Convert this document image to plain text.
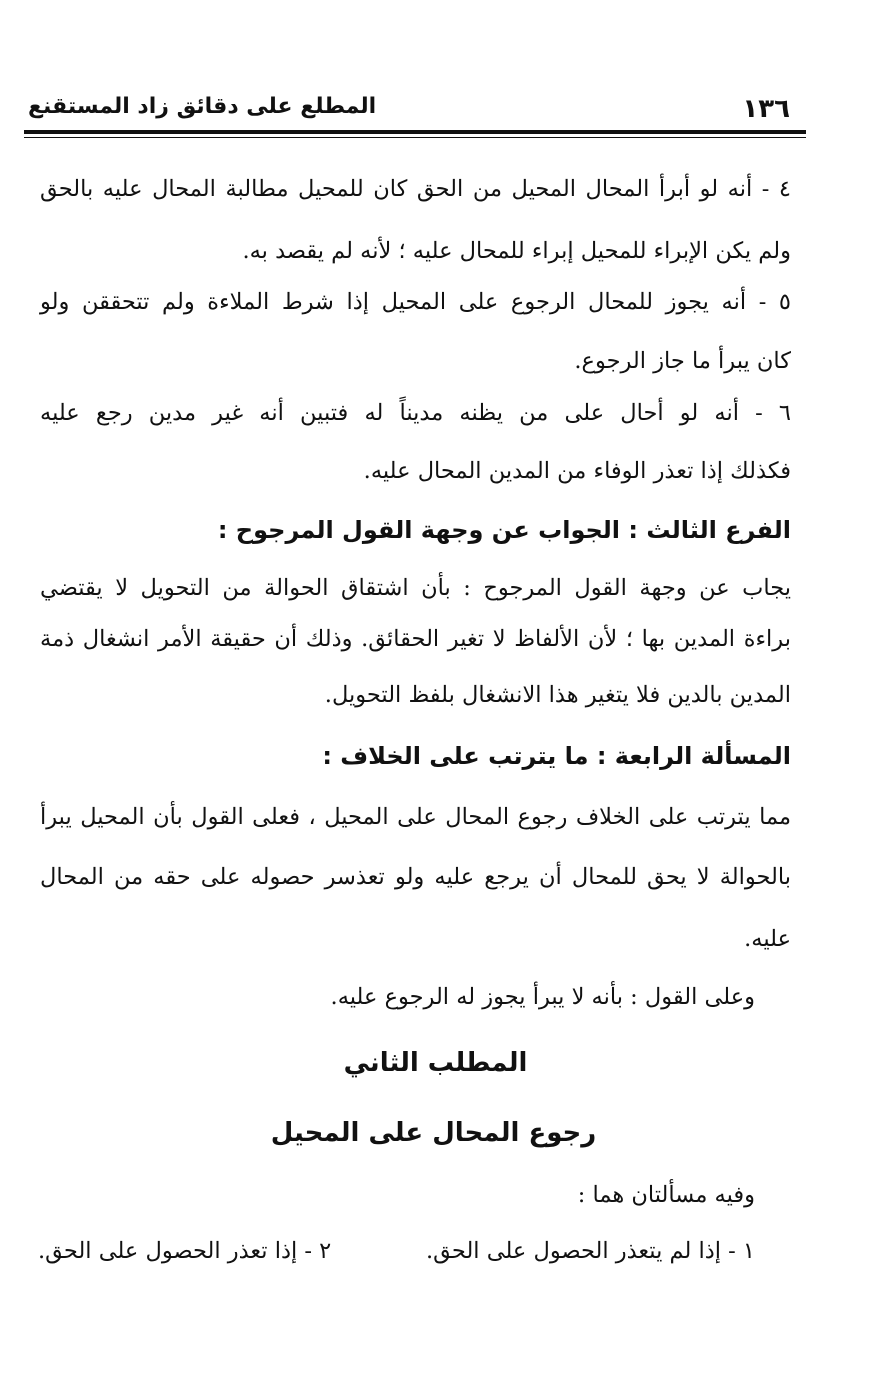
١٣٦
المطلع على دقائق زاد المستقنع
٤ - أنه لو أبرأ المحال المحيل من الحق كان للمحيل مطالبة المحال عليه بالحق
ولم يكن الإبراء للمحيل إبراء للمحال عليه ؛ لأنه لم يقصد به.
٥ - أنه يجوز للمحال الرجوع على المحيل إذا شرط الملاءة ولم تتحققن ولو
كان يبرأ ما جاز الرجوع.
٦ - أنه لو أحال على من يظنه مديناً له فتبين أنه غير مدين رجع عليه
فكذلك إذا تعذر الوفاء من المدين المحال عليه.
الفرع الثالث : الجواب عن وجهة القول المرجوح :
يجاب عن وجهة القول المرجوح : بأن اشتقاق الحوالة من التحويل لا يقتضي
براءة المدين بها ؛ لأن الألفاظ لا تغير الحقائق. وذلك أن حقيقة الأمر انشغال ذمة
المدين بالدين فلا يتغير هذا الانشغال بلفظ التحويل.
المسألة الرابعة : ما يترتب على الخلاف :
مما يترتب على الخلاف رجوع المحال على المحيل ، فعلى القول بأن المحيل يبرأ
بالحوالة لا يحق للمحال أن يرجع عليه ولو تعذسر حصوله على حقه من المحال
عليه.
وعلى القول : بأنه لا يبرأ يجوز له الرجوع عليه.
المطلب الثاني
رجوع المحال على المحيل
وفيه مسألتان هما :
١ - إذا لم يتعذر الحصول على الحق.
٢ - إذا تعذر الحصول على الحق.
